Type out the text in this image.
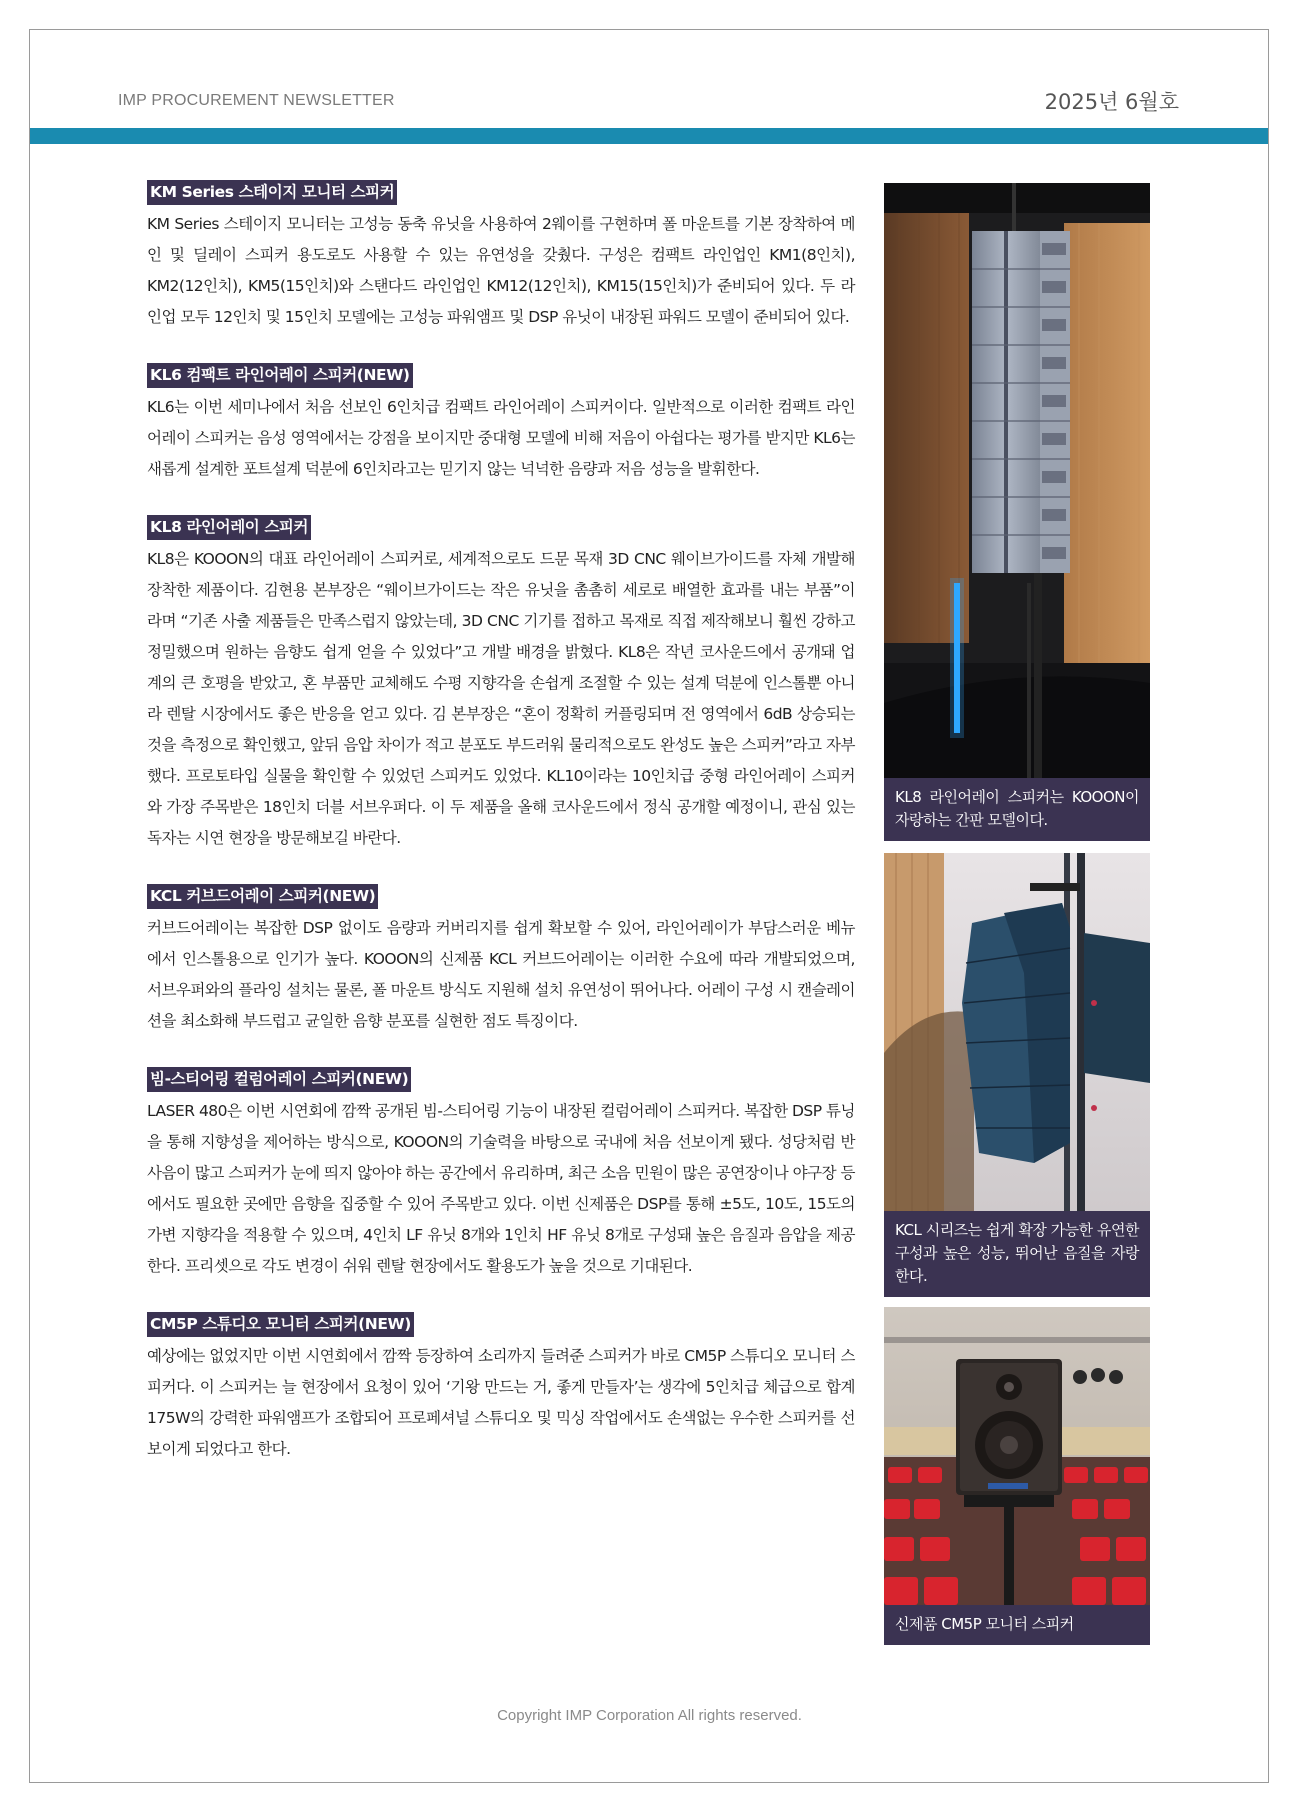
IMP PROCUREMENT NEWSLETTER	2025년 6월호
KM Series 스테이지 모니터 스피커

KM Series 스테이지 모니터는 고성능 동축 유닛을 사용하여 2웨이를 구현하며 폴 마운트를 기본 장착하여 메인 및 딜레이 스피커 용도로도 사용할 수 있는 유연성을 갖췄다. 구성은 컴팩트 라인업인 KM1(8인치), KM2(12인치), KM5(15인치)와 스탠다드 라인업인 KM12(12인치), KM15(15인치)가 준비되어 있다. 두 라인업 모두 12인치 및 15인치 모델에는 고성능 파워앰프 및 DSP 유닛이 내장된 파워드 모델이 준비되어 있다.

KL6 컴팩트 라인어레이 스피커(NEW)

KL6는 이번 세미나에서 처음 선보인 6인치급 컴팩트 라인어레이 스피커이다. 일반적으로 이러한 컴팩트 라인어레이 스피커는 음성 영역에서는 강점을 보이지만 중대형 모델에 비해 저음이 아쉽다는 평가를 받지만 KL6는 새롭게 설계한 포트설계 덕분에 6인치라고는 믿기지 않는 넉넉한 음량과 저음 성능을 발휘한다.

KL8 라인어레이 스피커

KL8은 KOOON의 대표 라인어레이 스피커로, 세계적으로도 드문 목재 3D CNC 웨이브가이드를 자체 개발해 장착한 제품이다. 김현용 본부장은 “웨이브가이드는 작은 유닛을 촘촘히 세로로 배열한 효과를 내는 부품”이라며 “기존 사출 제품들은 만족스럽지 않았는데, 3D CNC 기기를 접하고 목재로 직접 제작해보니 훨씬 강하고 정밀했으며 원하는 음향도 쉽게 얻을 수 있었다”고 개발 배경을 밝혔다. KL8은 작년 코사운드에서 공개돼 업계의 큰 호평을 받았고, 혼 부품만 교체해도 수평 지향각을 손쉽게 조절할 수 있는 설계 덕분에 인스톨뿐 아니라 렌탈 시장에서도 좋은 반응을 얻고 있다. 김 본부장은 “혼이 정확히 커플링되며 전 영역에서 6dB 상승되는 것을 측정으로 확인했고, 앞뒤 음압 차이가 적고 분포도 부드러워 물리적으로도 완성도 높은 스피커”라고 자부했다. 프로토타입 실물을 확인할 수 있었던 스피커도 있었다. KL10이라는 10인치급 중형 라인어레이 스피커와 가장 주목받은 18인치 더블 서브우퍼다. 이 두 제품을 올해 코사운드에서 정식 공개할 예정이니, 관심 있는 독자는 시연 현장을 방문해보길 바란다.

KCL 커브드어레이 스피커(NEW)

커브드어레이는 복잡한 DSP 없이도 음량과 커버리지를 쉽게 확보할 수 있어, 라인어레이가 부담스러운 베뉴에서 인스톨용으로 인기가 높다. KOOON의 신제품 KCL 커브드어레이는 이러한 수요에 따라 개발되었으며, 서브우퍼와의 플라잉 설치는 물론, 폴 마운트 방식도 지원해 설치 유연성이 뛰어나다. 어레이 구성 시 캔슬레이션을 최소화해 부드럽고 균일한 음향 분포를 실현한 점도 특징이다.

빔-스티어링 컬럼어레이 스피커(NEW)

LASER 480은 이번 시연회에 깜짝 공개된 빔-스티어링 기능이 내장된 컬럼어레이 스피커다. 복잡한 DSP 튜닝을 통해 지향성을 제어하는 방식으로, KOOON의 기술력을 바탕으로 국내에 처음 선보이게 됐다. 성당처럼 반사음이 많고 스피커가 눈에 띄지 않아야 하는 공간에서 유리하며, 최근 소음 민원이 많은 공연장이나 야구장 등에서도 필요한 곳에만 음향을 집중할 수 있어 주목받고 있다. 이번 신제품은 DSP를 통해 ±5도, 10도, 15도의 가변 지향각을 적용할 수 있으며, 4인치 LF 유닛 8개와 1인치 HF 유닛 8개로 구성돼 높은 음질과 음압을 제공한다. 프리셋으로 각도 변경이 쉬워 렌탈 현장에서도 활용도가 높을 것으로 기대된다.

CM5P 스튜디오 모니터 스피커(NEW)

예상에는 없었지만 이번 시연회에서 깜짝 등장하여 소리까지 들려준 스피커가 바로 CM5P 스튜디오 모니터 스피커다. 이 스피커는 늘 현장에서 요청이 있어 ‘기왕 만드는 거, 좋게 만들자’는 생각에 5인치급 체급으로 합계 175W의 강력한 파워앰프가 조합되어 프로페셔널 스튜디오 및 믹싱 작업에서도 손색없는 우수한 스피커를 선보이게 되었다고 한다.

KL8 라인어레이 스피커는 KOOON이 자랑하는 간판 모델이다.
KCL 시리즈는 쉽게 확장 가능한 유연한 구성과 높은 성능, 뛰어난 음질을 자랑한다.
신제품 CM5P 모니터 스피커
Copyright IMP Corporation All rights reserved.
